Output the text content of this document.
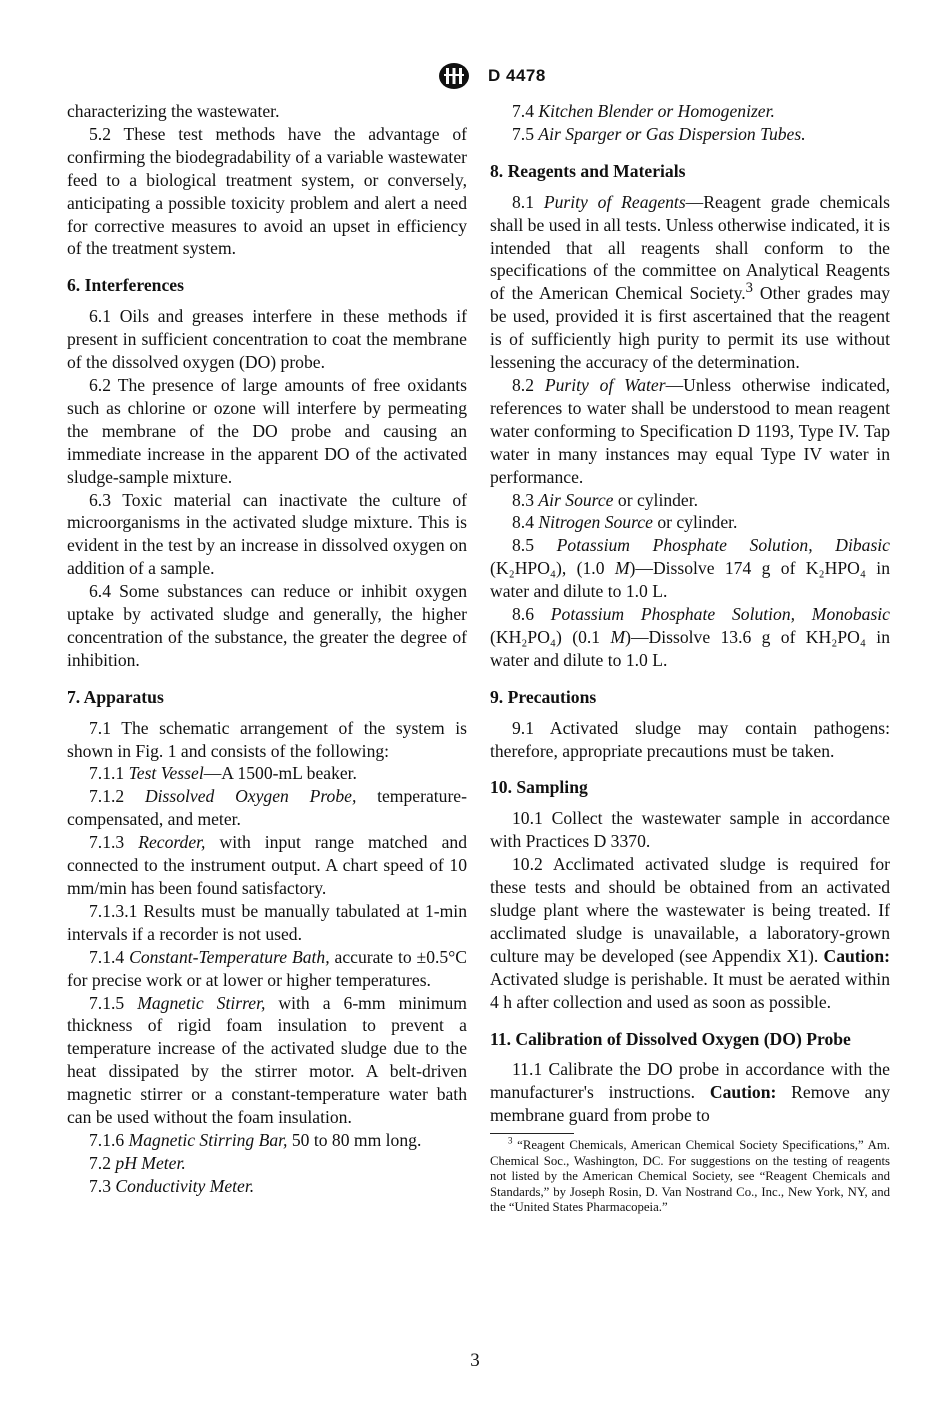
D 4478

characterizing the wastewater.

5.2 These test methods have the advantage of confirming the biodegradability of a variable wastewater feed to a biological treatment system, or conversely, anticipating a possible toxicity problem and alert a need for corrective measures to avoid an upset in efficiency of the treatment system.

6. Interferences

6.1 Oils and greases interfere in these methods if present in sufficient concentration to coat the membrane of the dissolved oxygen (DO) probe.

6.2 The presence of large amounts of free oxidants such as chlorine or ozone will interfere by permeating the membrane of the DO probe and causing an immediate increase in the apparent DO of the activated sludge-sample mixture.

6.3 Toxic material can inactivate the culture of microorganisms in the activated sludge mixture. This is evident in the test by an increase in dissolved oxygen on addition of a sample.

6.4 Some substances can reduce or inhibit oxygen uptake by activated sludge and generally, the higher concentration of the substance, the greater the degree of inhibition.

7. Apparatus

7.1 The schematic arrangement of the system is shown in Fig. 1 and consists of the following:

7.1.1 Test Vessel—A 1500-mL beaker.

7.1.2 Dissolved Oxygen Probe, temperature-compensated, and meter.

7.1.3 Recorder, with input range matched and connected to the instrument output. A chart speed of 10 mm/min has been found satisfactory.

7.1.3.1 Results must be manually tabulated at 1-min intervals if a recorder is not used.

7.1.4 Constant-Temperature Bath, accurate to ±0.5°C for precise work or at lower or higher temperatures.

7.1.5 Magnetic Stirrer, with a 6-mm minimum thickness of rigid foam insulation to prevent a temperature increase of the activated sludge due to the heat dissipated by the stirrer motor. A belt-driven magnetic stirrer or a constant-temperature water bath can be used without the foam insulation.

7.1.6 Magnetic Stirring Bar, 50 to 80 mm long.

7.2 pH Meter.

7.3 Conductivity Meter.

7.4 Kitchen Blender or Homogenizer.

7.5 Air Sparger or Gas Dispersion Tubes.

8. Reagents and Materials

8.1 Purity of Reagents—Reagent grade chemicals shall be used in all tests. Unless otherwise indicated, it is intended that all reagents shall conform to the specifications of the committee on Analytical Reagents of the American Chemical Society.$^3$ Other grades may be used, provided it is first ascertained that the reagent is of sufficiently high purity to permit its use without lessening the accuracy of the determination.

8.2 Purity of Water—Unless otherwise indicated, references to water shall be understood to mean reagent water conforming to Specification D 1193, Type IV. Tap water in many instances may equal Type IV water in performance.

8.3 Air Source or cylinder.

8.4 Nitrogen Source or cylinder.

8.5 Potassium Phosphate Solution, Dibasic (K₂HPO₄), (1.0 M)—Dissolve 174 g of K₂HPO₄ in water and dilute to 1.0 L.

8.6 Potassium Phosphate Solution, Monobasic (KH₂PO₄) (0.1 M)—Dissolve 13.6 g of KH₂PO₄ in water and dilute to 1.0 L.

9. Precautions

9.1 Activated sludge may contain pathogens: therefore, appropriate precautions must be taken.

10. Sampling

10.1 Collect the wastewater sample in accordance with Practices D 3370.

10.2 Acclimated activated sludge is required for these tests and should be obtained from an activated sludge plant where the wastewater is being treated. If acclimated sludge is unavailable, a laboratory-grown culture may be developed (see Appendix X1). Caution: Activated sludge is perishable. It must be aerated within 4 h after collection and used as soon as possible.

11. Calibration of Dissolved Oxygen (DO) Probe

11.1 Calibrate the DO probe in accordance with the manufacturer's instructions. Caution: Remove any membrane guard from probe to

$^3$ “Reagent Chemicals, American Chemical Society Specifications,” Am. Chemical Soc., Washington, DC. For suggestions on the testing of reagents not listed by the American Chemical Society, see “Reagent Chemicals and Standards,” by Joseph Rosin, D. Van Nostrand Co., Inc., New York, NY, and the “United States Pharmacopeia.”

3
